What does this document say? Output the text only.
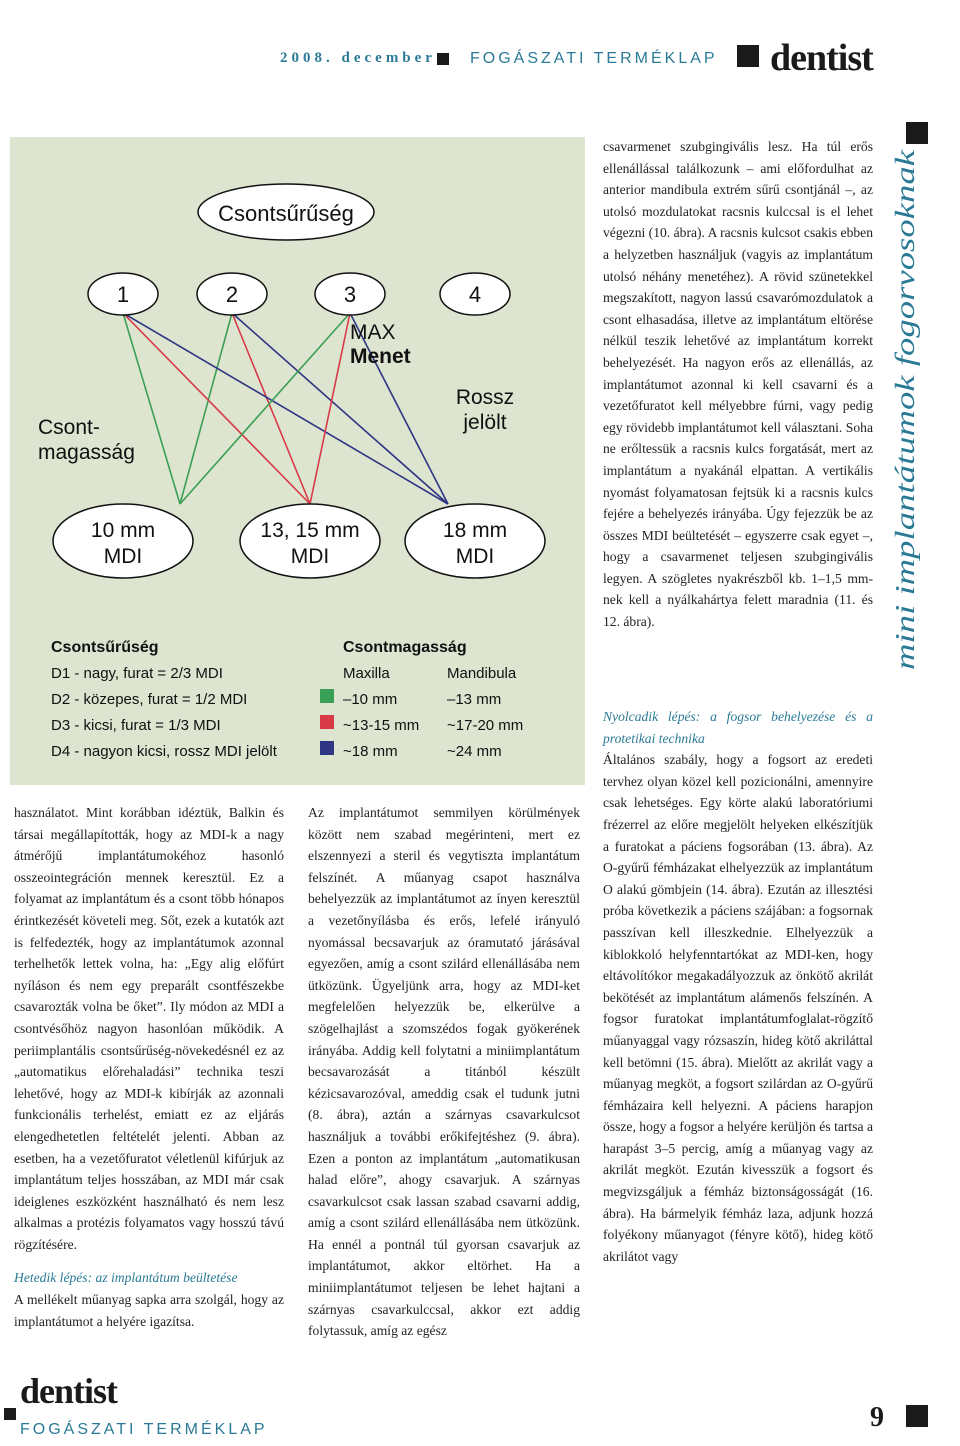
2008. december FOGÁSZATI TERMÉKLAP dentist
Csontsűrűség
1	2	3	4
MAX
Menet
Rossz
jelölt
Csont-
magasság
10 mm
MDI
13, 15 mm
MDI
18 mm
MDI
Csontsűrűség
D1 - nagy, furat = 2/3 MDI
D2 - közepes, furat = 1/2 MDI
D3 - kicsi, furat = 1/3 MDI
D4 - nagyon kicsi, rossz MDI jelölt
Csontmagasság
Maxilla	Mandibula
–10 mm	–13 mm
~13-15 mm ~17-20 mm
~18 mm	~24 mm

használatot. Mint korábban idéztük, Balkin és társai megállapították, hogy az MDI-k a nagy átmérőjű implantátumokéhoz hasonló osszeointegráción mennek keresztül. Ez a folyamat az implantátum és a csont több hónapos érintkezését követeli meg. Sőt, ezek a kutatók azt is felfedezték, hogy az implantátumok azonnal terhelhetők lettek volna, ha: „Egy alig előfúrt nyíláson és nem egy preparált csontfészekbe csavarozták volna be őket”. Ily módon az MDI a csontvésőhöz nagyon hasonlóan működik. A periimplantális csontsűrűség-növekedésnél ez az „automatikus előrehaladási” technika teszi lehetővé, hogy az MDI-k kibírják az azonnali funkcionális terhelést, emiatt ez az eljárás elengedhetetlen feltételét jelenti. Abban az esetben, ha a vezetőfuratot véletlenül kifúrjuk az implantátum teljes hosszában, az MDI már csak ideiglenes eszközként használható és nem lesz alkalmas a protézis folyamatos vagy hosszú távú rögzítésére.

Hetedik lépés: az implantátum beültetése

A mellékelt műanyag sapka arra szolgál, hogy az implantátumot a helyére igazítsa.

Az implantátumot semmilyen körülmények között nem szabad megérinteni, mert ez elszennyezi a steril és vegytiszta implantátum felszínét. A műanyag csapot használva behelyezzük az implantátumot az ínyen keresztül a vezetőnyílásba és erős, lefelé irányuló nyomással becsavarjuk az óramutató járásával egyezően, amíg a csont szilárd ellenállásába nem ütközünk. Ügyeljünk arra, hogy az MDI-ket megfelelően helyezzük be, elkerülve a szögelhajlást a szomszédos fogak gyökerének irányába. Addig kell folytatni a miniimplantátum becsavarozását a titánból készült kézicsavarozóval, ameddig csak el tudunk jutni (8. ábra), aztán a szárnyas csavarkulcsot használjuk a további erőkifejtéshez (9. ábra). Ezen a ponton az implantátum „automatikusan halad előre”, ahogy csavarjuk. A szárnyas csavarkulcsot csak lassan szabad csavarni addig, amíg a csont szilárd ellenállásába nem ütközünk. Ha ennél a pontnál túl gyorsan csavarjuk az implantátumot, akkor eltörhet. Ha a miniimplantátumot teljesen be lehet hajtani a szárnyas csavarkulccsal, akkor ezt addig folytassuk, amíg az egész

csavarmenet szubgingivális lesz. Ha túl erős ellenállással találkozunk – ami előfordulhat az anterior mandibula extrém sűrű csontjánál –, az utolsó mozdulatokat racsnis kulccsal is el lehet végezni (10. ábra). A racsnis kulcsot csakis ebben a helyzetben használjuk (vagyis az implantátum utolsó néhány menetéhez). A rövid szünetekkel megszakított, nagyon lassú csavarómozdulatok a csont elhasadása, illetve az implantátum eltörése nélkül teszik lehetővé az implantátum korrekt behelyezését. Ha nagyon erős az ellenállás, az implantátumot azonnal ki kell csavarni és a vezetőfuratot kell mélyebbre fúrni, vagy pedig egy rövidebb implantátumot kell választani. Soha ne erőltessük a racsnis kulcs forgatását, mert az implantátum a nyakánál elpattan. A vertikális nyomást folyamatosan fejtsük ki a racsnis kulcs fejére a behelyezés irányába. Úgy fejezzük be az összes MDI beültetését – egyszerre csak egyet –, hogy a csavarmenet teljesen szubgingivális legyen. A szögletes nyakrészből kb. 1–1,5 mm-nek kell a nyálkahártya felett maradnia (11. és 12. ábra).

Nyolcadik lépés: a fogsor behelyezése és a protetikai technika

Általános szabály, hogy a fogsort az eredeti tervhez olyan közel kell pozicionálni, amennyire csak lehetséges. Egy körte alakú laboratóriumi frézerrel az előre megjelölt helyeken elkészítjük a furatokat a páciens fogsorában (13. ábra). Az O-gyűrű fémházakat elhelyezzük az implantátum O alakú gömbjein (14. ábra). Ezután az illesztési próba következik a páciens szájában: a fogsornak passzívan kell illeszkednie. Elhelyezzük a kiblokkoló helyfenntartókat az MDI-ken, hogy eltávolítókor megakadályozzuk az önkötő akrilát bekötését az implantátum alámenős felszínén. A fogsor furatokat implantátumfoglalat-rögzítő műanyaggal vagy rózsaszín, hideg kötő akriláttal kell betömni (15. ábra). Mielőtt az akrilát vagy a műanyag megköt, a fogsort szilárdan az O-gyűrű fémházaira kell helyezni. A páciens harapjon össze, hogy a fogsor a helyére kerüljön és tartsa a harapást 3–5 percig, amíg a műanyag vagy az akrilát megköt. Ezután kivesszük a fogsort és megvizsgáljuk a fémház biztonságosságát (16. ábra). Ha bármelyik fémház laza, adjunk hozzá folyékony műanyagot (fényre kötő), hideg kötő akrilátot vagy

mini implantátumok fogorvosoknak
dentist
FOGÁSZATI TERMÉKLAP	9
